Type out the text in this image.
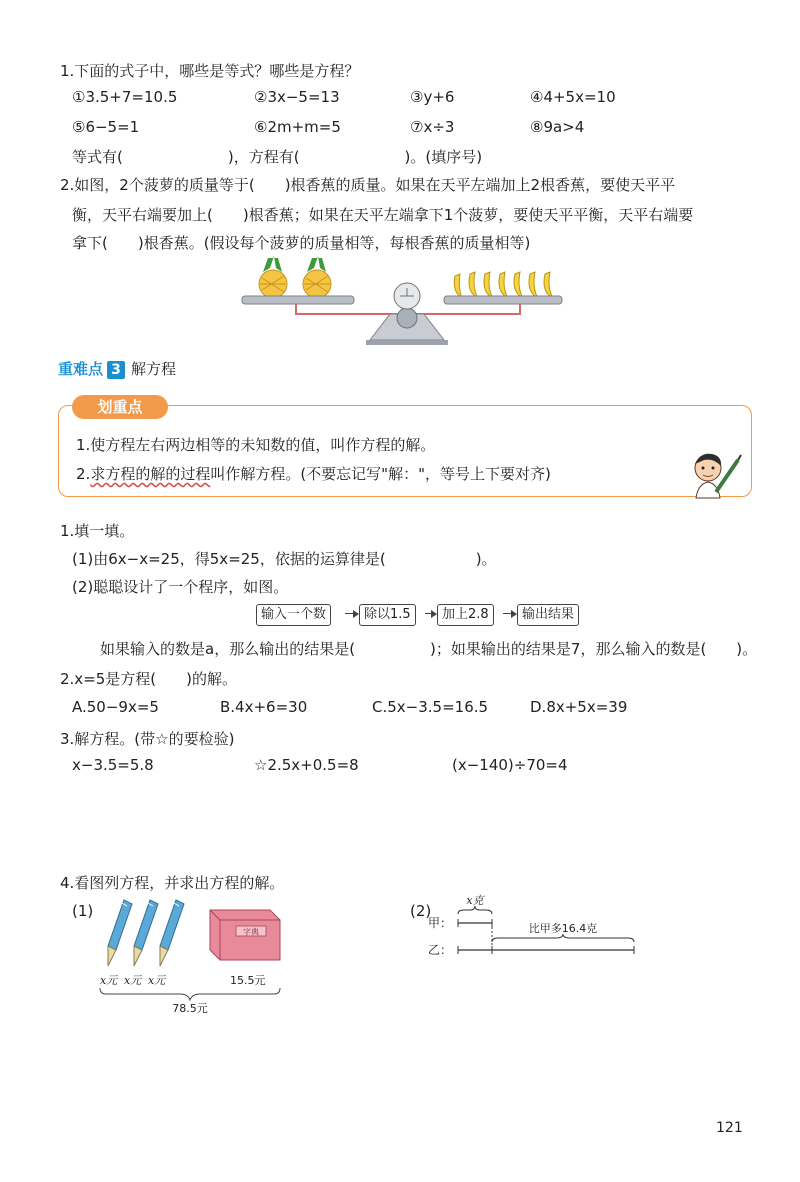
1.下面的式子中，哪些是等式？哪些是方程？
①3.5+7=10.5	②3x−5=13	③y+6	④4+5x=10
⑤6−5=1	⑥2m+m=5	⑦x÷3	⑧9a>4
等式有(　　　　　　　)，方程有(　　　　　　　)。(填序号)
2.如图，2个菠萝的质量等于(　　)根香蕉的质量。如果在天平左端加上2根香蕉，要使天平平
衡，天平右端要加上(　　)根香蕉；如果在天平左端拿下1个菠萝，要使天平平衡，天平右端要
拿下(　　)根香蕉。(假设每个菠萝的质量相等，每根香蕉的质量相等)
重难点 3 解方程
划重点
1.使方程左右两边相等的未知数的值，叫作方程的解。
2.求方程的解的过程叫作解方程。(不要忘记写"解："，等号上下要对齐)
1.填一填。
(1)由6x−x=25，得5x=25，依据的运算律是(　　　　　　)。
(2)聪聪设计了一个程序，如图。
输入一个数	除以1.5	加上2.8	输出结果
如果输入的数是a，那么输出的结果是(　　　　　)；如果输出的结果是7，那么输入的数是(　　)。
2.x=5是方程(　　)的解。
A.50−9x=5	B.4x+6=30	C.5x−3.5=16.5	D.8x+5x=39
3.解方程。(带☆的要检验)
x−3.5=5.8	☆2.5x+0.5=8	(x−140)÷70=4
4.看图列方程，并求出方程的解。
(1)
字典
x元 x元 x元	15.5元
78.5元
(2)
甲：
乙：
x克
比甲多16.4克
121
